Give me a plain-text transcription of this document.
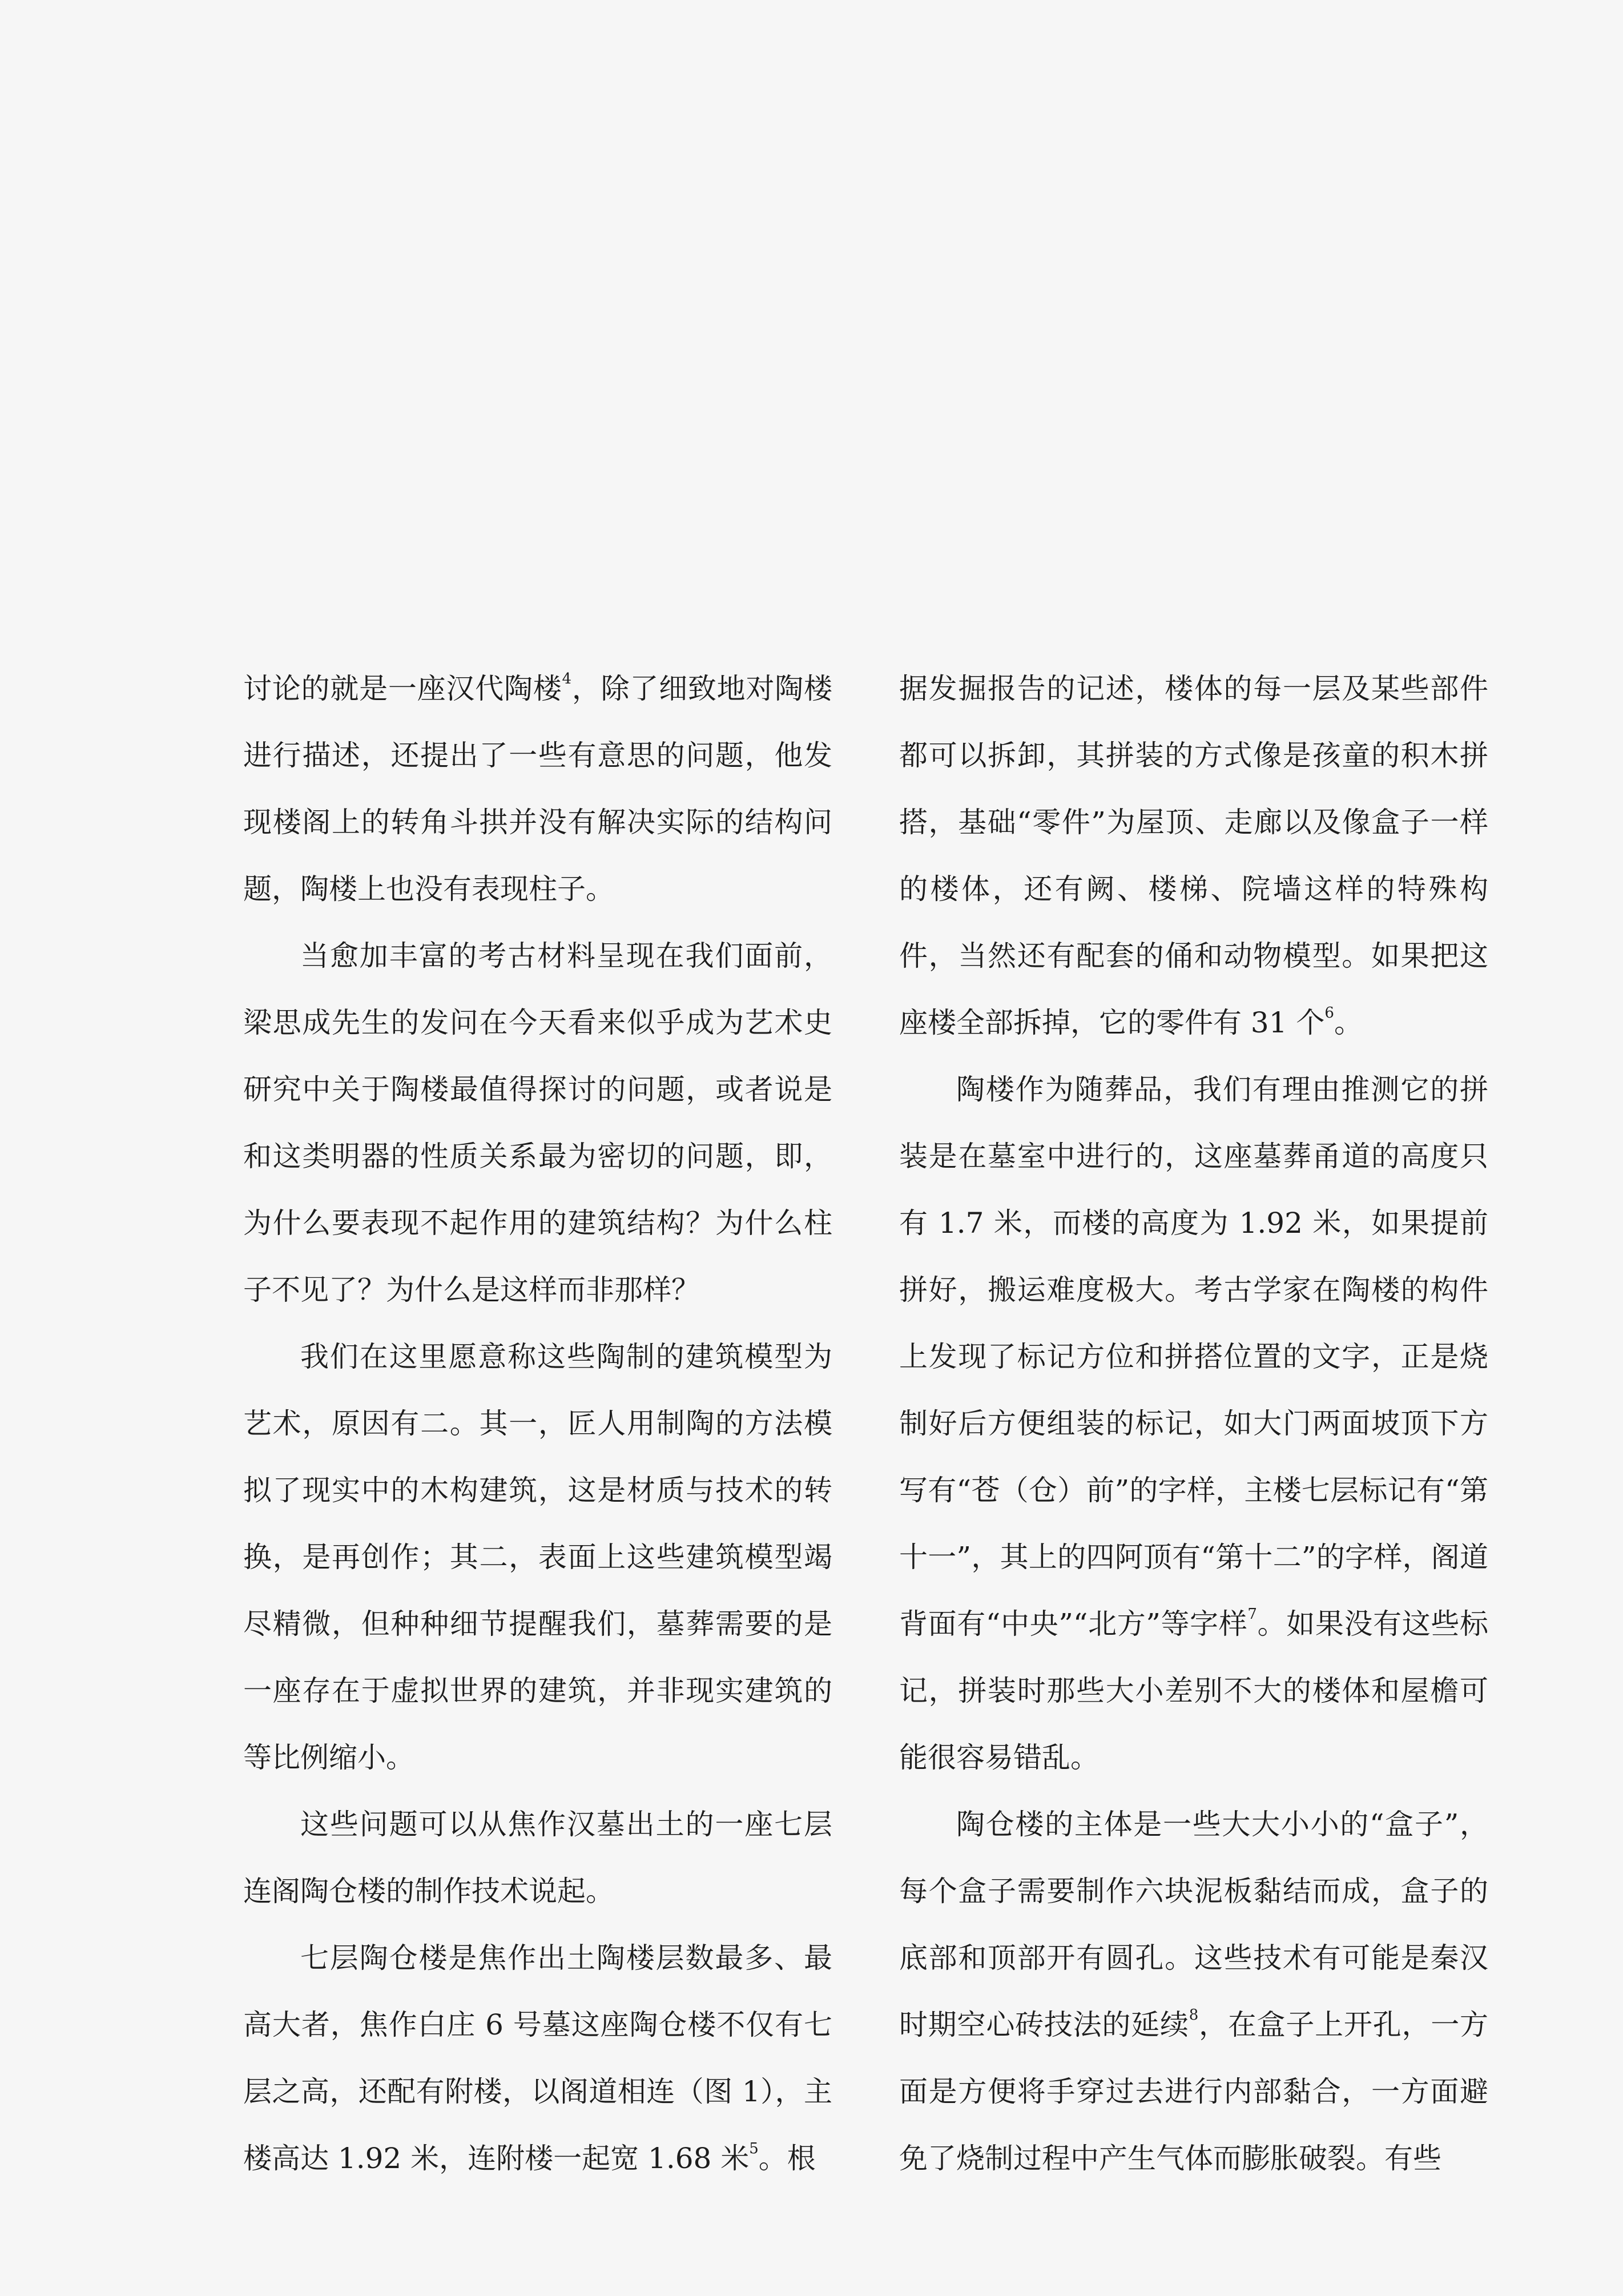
讨论的就是一座汉代陶楼$^4$，除了细致地对陶楼进行描述，还提出了一些有意思的问题，他发现楼阁上的转角斗拱并没有解决实际的结构问题，陶楼上也没有表现柱子。

当愈加丰富的考古材料呈现在我们面前，梁思成先生的发问在今天看来似乎成为艺术史研究中关于陶楼最值得探讨的问题，或者说是和这类明器的性质关系最为密切的问题，即，为什么要表现不起作用的建筑结构？为什么柱子不见了？为什么是这样而非那样？

我们在这里愿意称这些陶制的建筑模型为艺术，原因有二。其一，匠人用制陶的方法模拟了现实中的木构建筑，这是材质与技术的转换，是再创作；其二，表面上这些建筑模型竭尽精微，但种种细节提醒我们，墓葬需要的是一座存在于虚拟世界的建筑，并非现实建筑的等比例缩小。

这些问题可以从焦作汉墓出土的一座七层连阁陶仓楼的制作技术说起。

七层陶仓楼是焦作出土陶楼层数最多、最高大者，焦作白庄 6 号墓这座陶仓楼不仅有七层之高，还配有附楼，以阁道相连（图 1），主楼高达 1.92 米，连附楼一起宽 1.68 米$^5$。根

据发掘报告的记述，楼体的每一层及某些部件都可以拆卸，其拼装的方式像是孩童的积木拼搭，基础“零件”为屋顶、走廊以及像盒子一样的楼体，还有阙、楼梯、院墙这样的特殊构件，当然还有配套的俑和动物模型。如果把这座楼全部拆掉，它的零件有 31 个$^6$。

陶楼作为随葬品，我们有理由推测它的拼装是在墓室中进行的，这座墓葬甬道的高度只有 1.7 米，而楼的高度为 1.92 米，如果提前拼好，搬运难度极大。考古学家在陶楼的构件上发现了标记方位和拼搭位置的文字，正是烧制好后方便组装的标记，如大门两面坡顶下方写有“苍（仓）前”的字样，主楼七层标记有“第十一”，其上的四阿顶有“第十二”的字样，阁道背面有“中央”“北方”等字样$^7$。如果没有这些标记，拼装时那些大小差别不大的楼体和屋檐可能很容易错乱。

陶仓楼的主体是一些大大小小的“盒子”，每个盒子需要制作六块泥板黏结而成，盒子的底部和顶部开有圆孔。这些技术有可能是秦汉时期空心砖技法的延续$^8$，在盒子上开孔，一方面是方便将手穿过去进行内部黏合，一方面避免了烧制过程中产生气体而膨胀破裂。有些
